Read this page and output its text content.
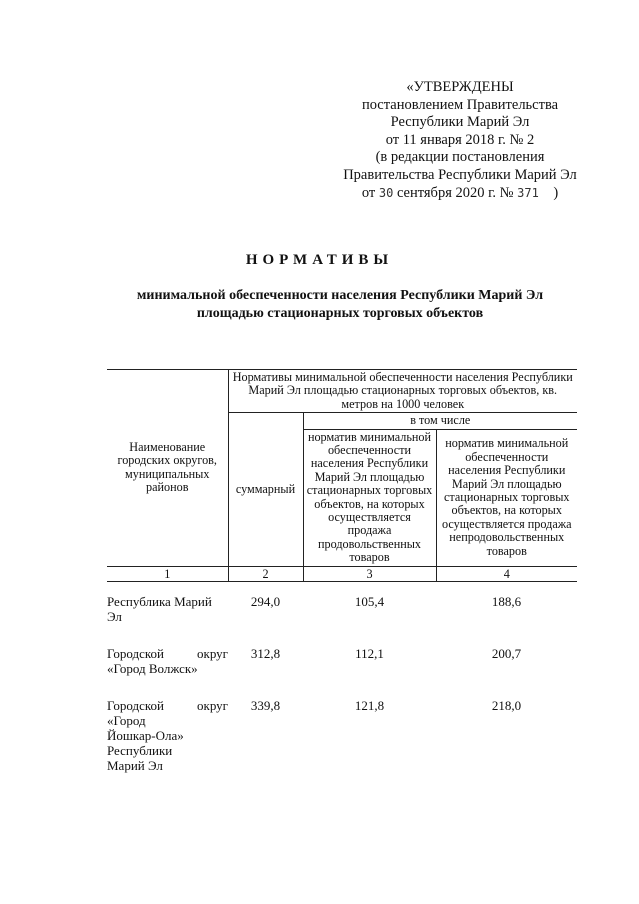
«УТВЕРЖДЕНЫ
постановлением Правительства
Республики Марий Эл
от 11 января 2018 г. № 2
(в редакции постановления
Правительства Республики Марий Эл
от 30 сентября 2020 г. № 371 )
НОРМАТИВЫ
минимальной обеспеченности населения Республики Марий Эл
площадью стационарных торговых объектов
Наименование городских округов, муниципальных районов	Нормативы минимальной обеспеченности населения Республики Марий Эл площадью стационарных торговых объектов, кв. метров на 1000 человек		
	суммарный	в том числе	
		норматив минимальной обеспеченности населения Республики Марий Эл площадью стационарных торговых объектов, на которых осуществляется продажа продовольственных товаров	норматив минимальной обеспеченности населения Республики Марий Эл площадью стационарных торговых объектов, на которых осуществляется продажа непродовольственных товаров
1	2	3	4

Республика Марий Эл	294,0	105,4	188,6

Городской округ
«Город Волжск»	312,8	112,1	200,7

Городской округ
«Город Йошкар-Ола» Республики Марий Эл	339,8	121,8	218,0
